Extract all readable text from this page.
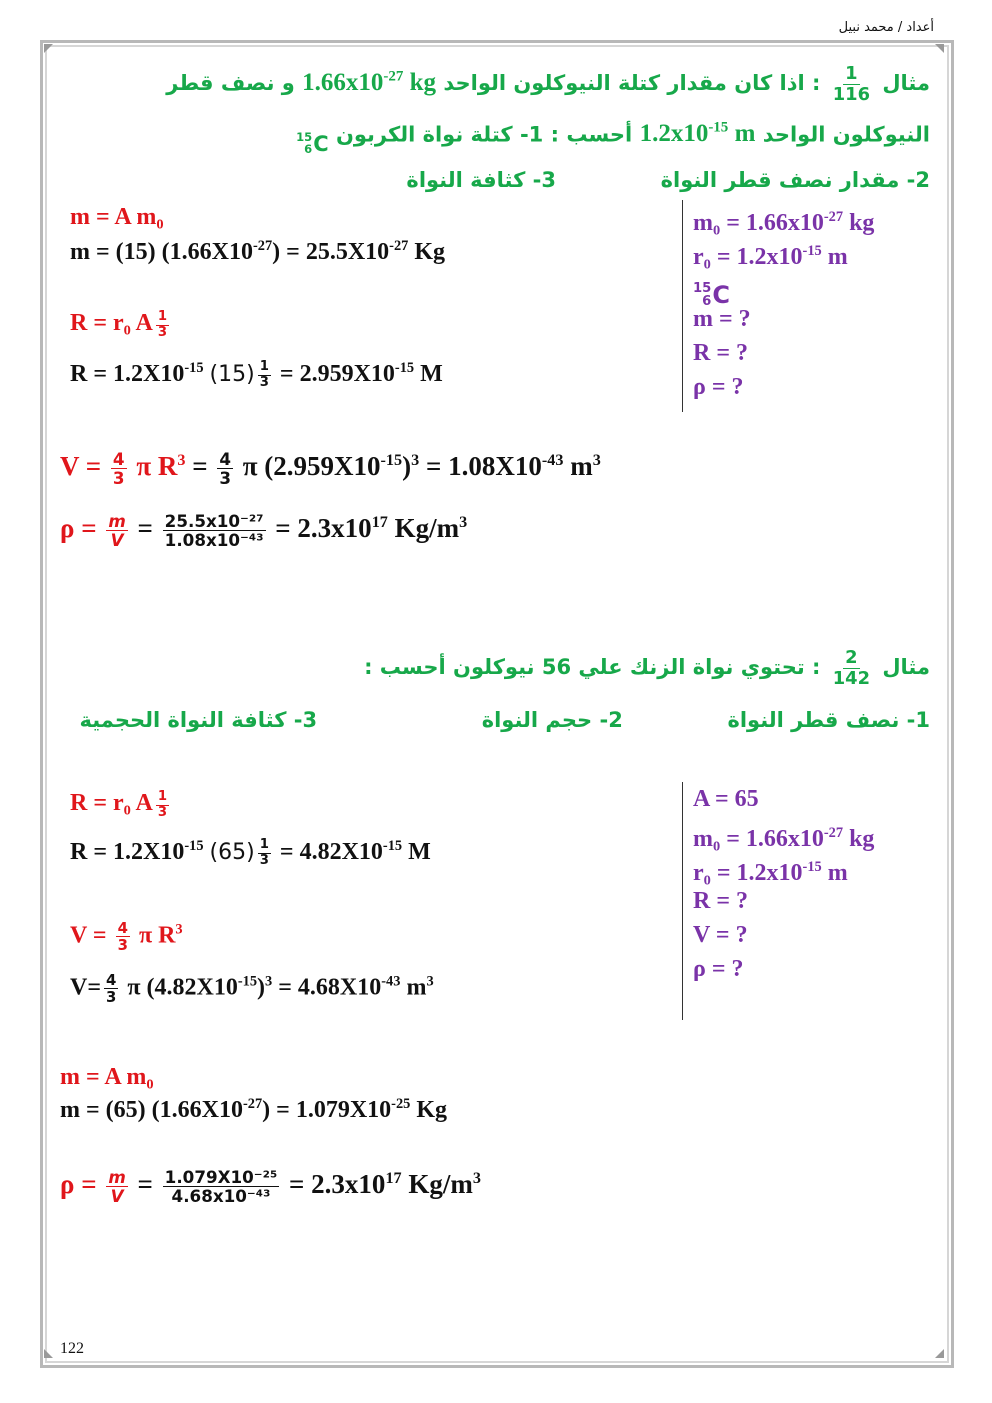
أعداد / محمد نبيل
مثال
$\frac{1}{116}$
: اذا كان مقدار كتلة النيوكلون الواحد $1.66x10^{-27}$ kg و نصف قطر
النيوكلون الواحد $1.2x10^{-15}$ m أحسب : 1- كتلة نواة الكربون
15
6 C
2- مقدار نصف قطر النواة  3- كثافة النواة
$m_0 = 1.66x10^{-27}$ kg
$r_0 = 1.2x10^{-15}$ m
15
6 C
m = ?
R = ?
ρ = ?
m = A m₀
m = (15) $(1.66X10^{-27}) = 25.5X10^{-27}$ Kg
R = r₀ A $\frac{1}{3}$
$R = 1.2X10^{-15}$ $(15) \frac{1}{3} = 2.959X10^{-15}$ M
$V = \frac{4}{3}$ π $R^3 = \frac{4}{3}$ π $(2.959X10^{-15})^3 = 1.08X10^{-43}$ $m^3$
$\rho = \frac{m}{V} = \frac{\text{25.5x10⁻²⁷}}{\text{1.08x10⁻⁴³}} = 2.3x10^{17}$ $Kg/m^3$
مثال
$\frac{2}{142}$
: تحتوي نواة الزنك علي 56 نيوكلون أحسب :
1- نصف قطر النواة  2- حجم النواة  3- كثافة النواة الحجمية
A = 65
$m_0 = 1.66x10^{-27}$ kg
$r_0 = 1.2x10^{-15}$ m
R = ?
V = ?
ρ = ?
R = r₀ A $\frac{1}{3}$
$R = 1.2X10^{-15}$ $(65) \frac{1}{3} = 4.82X10^{-15}$ M
$V = \frac{4}{3}$ π $R^3$
$V= \frac{4}{3}$ π $(4.82X10^{-15})^3 = 4.68X10^{-43}$ $m^3$
m = A m₀
m = (65) $(1.66X10^{-27}) = 1.079X10^{-25}$ Kg
$\rho = \frac{m}{V} = \frac{\text{1.079X10⁻²⁵}}{\text{4.68x10⁻⁴³}} = 2.3x10^{17}$ $Kg/m^3$
122
